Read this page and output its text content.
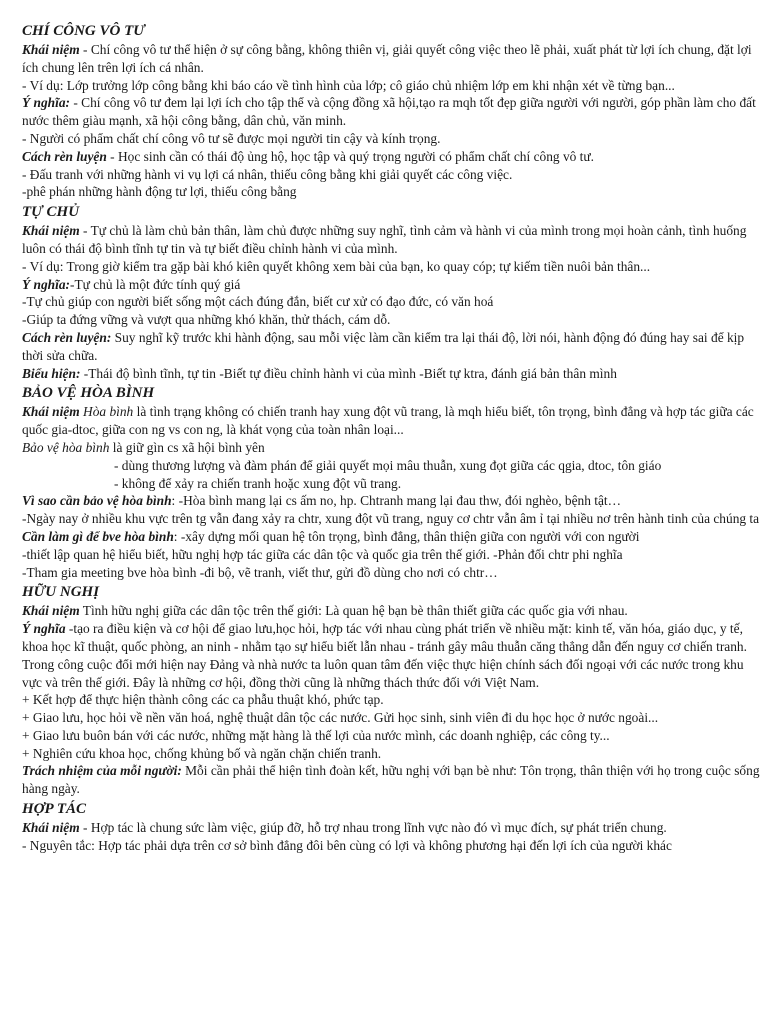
CHÍ CÔNG VÔ TƯ
Khái niệm - Chí công vô tư thể hiện ở sự công bằng, không thiên vị, giải quyết công việc theo lẽ phải, xuất phát từ lợi ích chung, đặt lợi ích chung lên trên lợi ích cá nhân.
- Ví dụ: Lớp trưởng lớp công bằng khi báo cáo về tình hình của lớp; cô giáo chủ nhiệm lớp em khi nhận xét về từng bạn...
Ý nghĩa: - Chí công vô tư đem lại lợi ích cho tập thể và cộng đồng xã hội,tạo ra mqh tốt đẹp giữa người với người, góp phần làm cho đất nước thêm giàu mạnh, xã hội công bằng, dân chủ, văn minh.
- Người có phẩm chất chí công vô tư sẽ được mọi người tin cậy và kính trọng.
Cách rèn luyện - Học sinh cần có thái độ ủng hộ, học tập và quý trọng người có phẩm chất chí công vô tư.
- Đấu tranh với những hành vi vụ lợi cá nhân, thiếu công bằng khi giải quyết các công việc.
-phê phán những hành động tư lợi, thiếu công bằng
TỰ CHỦ
Khái niệm - Tự chủ là làm chủ bản thân, làm chủ được những suy nghĩ, tình cảm và hành vi của mình trong mọi hoàn cảnh, tình huống luôn có thái độ bình tĩnh tự tin và tự biết điều chỉnh hành vi của mình.
- Ví dụ: Trong giờ kiểm tra gặp bài khó kiên quyết không xem bài của bạn, ko quay cóp; tự kiếm tiền nuôi bản thân...
Ý nghĩa:-Tự chủ là một đức tính quý giá
-Tự chủ giúp con người biết sống một cách đúng đắn, biết cư xử có đạo đức, có văn hoá
-Giúp ta đứng vững và vượt qua những khó khăn, thử thách, cám dỗ.
Cách rèn luyện: Suy nghĩ kỹ trước khi hành động, sau mỗi việc làm cần kiểm tra lại thái độ, lời nói, hành động đó đúng hay sai để kịp thời sửa chữa.
Biểu hiện: -Thái độ bình tĩnh, tự tin -Biết tự điều chỉnh hành vi của mình -Biết tự ktra, đánh giá bản thân mình
BẢO VỆ HÒA BÌNH
Khái niệm Hòa bình là tình trạng không có chiến tranh hay xung đột vũ trang, là mqh hiểu biết, tôn trọng, bình đẳng và hợp tác giữa các quốc gia-dtoc, giữa con ng vs con ng, là khát vọng của toàn nhân loại...
Bảo vệ hòa bình là giữ gìn cs xã hội bình yên
- dùng thương lượng và đàm phán để giải quyết mọi mâu thuẫn, xung đọt giữa các qgia, dtoc, tôn giáo
- không để xảy ra chiến tranh hoặc xung đột vũ trang.
Vì sao cần bảo vệ hòa bình: -Hòa bình mang lại cs ấm no, hp. Chtranh mang lại đau thw, đói nghèo, bệnh tật…
-Ngày nay ở nhiều khu vực trên tg vẫn đang xảy ra chtr, xung đột vũ trang, nguy cơ chtr vẫn âm ỉ tại nhiều nơ trên hành tinh của chúng ta
Cần làm gì để bve hòa bình: -xây dựng mối quan hệ tôn trọng, bình đẳng, thân thiện giữa con người với con người
-thiết lập quan hệ hiểu biết, hữu nghị hợp tác giữa các dân tộc và quốc gia trên thế giới. -Phản đối chtr phi nghĩa
-Tham gia meeting bve hòa bình -đi bộ, vẽ tranh, viết thư, gửi đồ dùng cho nơi có chtr…
HỮU NGHỊ
Khái niệm Tình hữu nghị giữa các dân tộc trên thế giới: Là quan hệ bạn bè thân thiết giữa các quốc gia với nhau.
Ý nghĩa -tạo ra điều kiện và cơ hội để giao lưu,học hỏi, hợp tác với nhau cùng phát triển về nhiều mặt: kinh tế, văn hóa, giáo dục, y tế, khoa học kĩ thuật, quốc phòng, an ninh - nhằm tạo sự hiểu biết lẫn nhau - tránh gây mâu thuẫn căng thẳng dẫn đến nguy cơ chiến tranh.
Trong công cuộc đổi mới hiện nay Đảng và nhà nước ta luôn quan tâm đến việc thực hiện chính sách đối ngoại với các nước trong khu vực và trên thế giới. Đây là những cơ hội, đồng thời cũng là những thách thức đối với Việt Nam.
+ Kết hợp để thực hiện thành công các ca phẫu thuật khó, phức tạp.
+ Giao lưu, học hỏi về nền văn hoá, nghệ thuật dân tộc các nước. Gửi học sinh, sinh viên đi du học học ở nước ngoài...
+ Giao lưu buôn bán với các nước, những mặt hàng là thế lợi của nước mình, các doanh nghiệp, các công ty...
+ Nghiên cứu khoa học, chống khủng bố và ngăn chặn chiến tranh.
Trách nhiệm của mỗi người: Mỗi cần phải thể hiện tình đoàn kết, hữu nghị với bạn bè như: Tôn trọng, thân thiện với họ trong cuộc sống hàng ngày.
HỢP TÁC
Khái niệm - Hợp tác là chung sức làm việc, giúp đỡ, hỗ trợ nhau trong lĩnh vực nào đó vì mục đích, sự phát triển chung.
- Nguyên tắc: Hợp tác phải dựa trên cơ sở bình đẳng đôi bên cùng có lợi và không phương hại đến lợi ích của người khác
